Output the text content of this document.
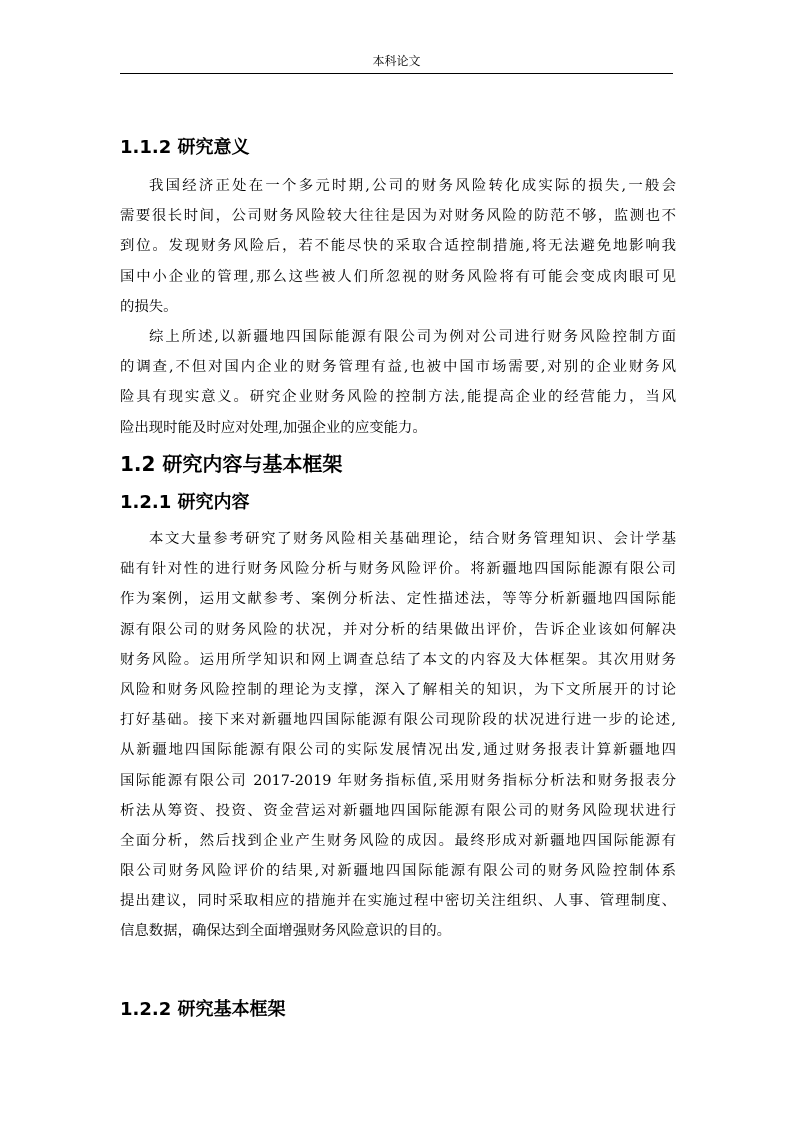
本科论文
1.1.2 研究意义
我国经济正处在一个多元时期,公司的财务风险转化成实际的损失,一般会
需要很长时间，公司财务风险较大往往是因为对财务风险的防范不够，监测也不
到位。发现财务风险后，若不能尽快的采取合适控制措施,将无法避免地影响我
国中小企业的管理,那么这些被人们所忽视的财务风险将有可能会变成肉眼可见
的损失。
综上所述,以新疆地四国际能源有限公司为例对公司进行财务风险控制方面
的调查,不但对国内企业的财务管理有益,也被中国市场需要,对别的企业财务风
险具有现实意义。研究企业财务风险的控制方法,能提高企业的经营能力，当风
险出现时能及时应对处理,加强企业的应变能力。
1.2 研究内容与基本框架
1.2.1 研究内容
本文大量参考研究了财务风险相关基础理论，结合财务管理知识、会计学基
础有针对性的进行财务风险分析与财务风险评价。将新疆地四国际能源有限公司
作为案例，运用文献参考、案例分析法、定性描述法，等等分析新疆地四国际能
源有限公司的财务风险的状况，并对分析的结果做出评价，告诉企业该如何解决
财务风险。运用所学知识和网上调查总结了本文的内容及大体框架。其次用财务
风险和财务风险控制的理论为支撑，深入了解相关的知识，为下文所展开的讨论
打好基础。接下来对新疆地四国际能源有限公司现阶段的状况进行进一步的论述,
从新疆地四国际能源有限公司的实际发展情况出发,通过财务报表计算新疆地四
国际能源有限公司 2017-2019 年财务指标值,采用财务指标分析法和财务报表分
析法从筹资、投资、资金营运对新疆地四国际能源有限公司的财务风险现状进行
全面分析，然后找到企业产生财务风险的成因。最终形成对新疆地四国际能源有
限公司财务风险评价的结果,对新疆地四国际能源有限公司的财务风险控制体系
提出建议，同时采取相应的措施并在实施过程中密切关注组织、人事、管理制度、
信息数据，确保达到全面增强财务风险意识的目的。
1.2.2 研究基本框架
